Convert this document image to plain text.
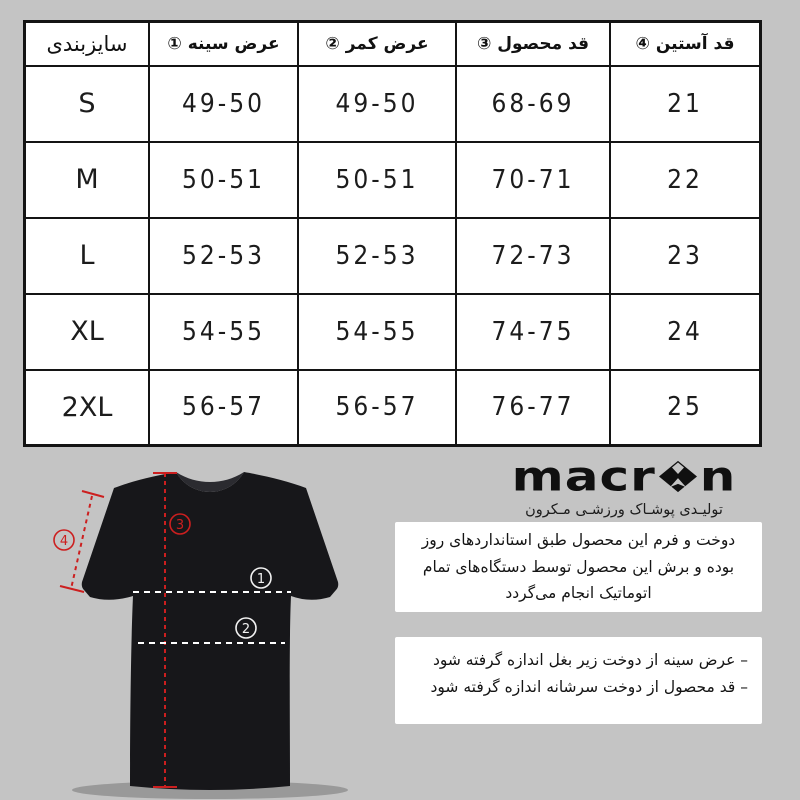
سایزبندی	عرض سینه ①	عرض کمر ②	قد محصول ③	قد آستین ④
S	49-50	49-50	68-69	21
M	50-51	50-51	70-71	22
L	52-53	52-53	72-73	23
XL	54-55	54-55	74-75	24
2XL	56-57	56-57	76-77	25
3
4
1
2
macr n
تولیـدی پوشـاک ورزشـی مـکرون
دوخت و فرم این محصول طبق استانداردهای روز
بوده و برش این محصول توسط دستگاه‌های تمام
اتوماتیک انجام می‌گردد
– عرض سینه از دوخت زیر بغل اندازه گرفته شود
– قد محصول از دوخت سرشانه اندازه گرفته شود
